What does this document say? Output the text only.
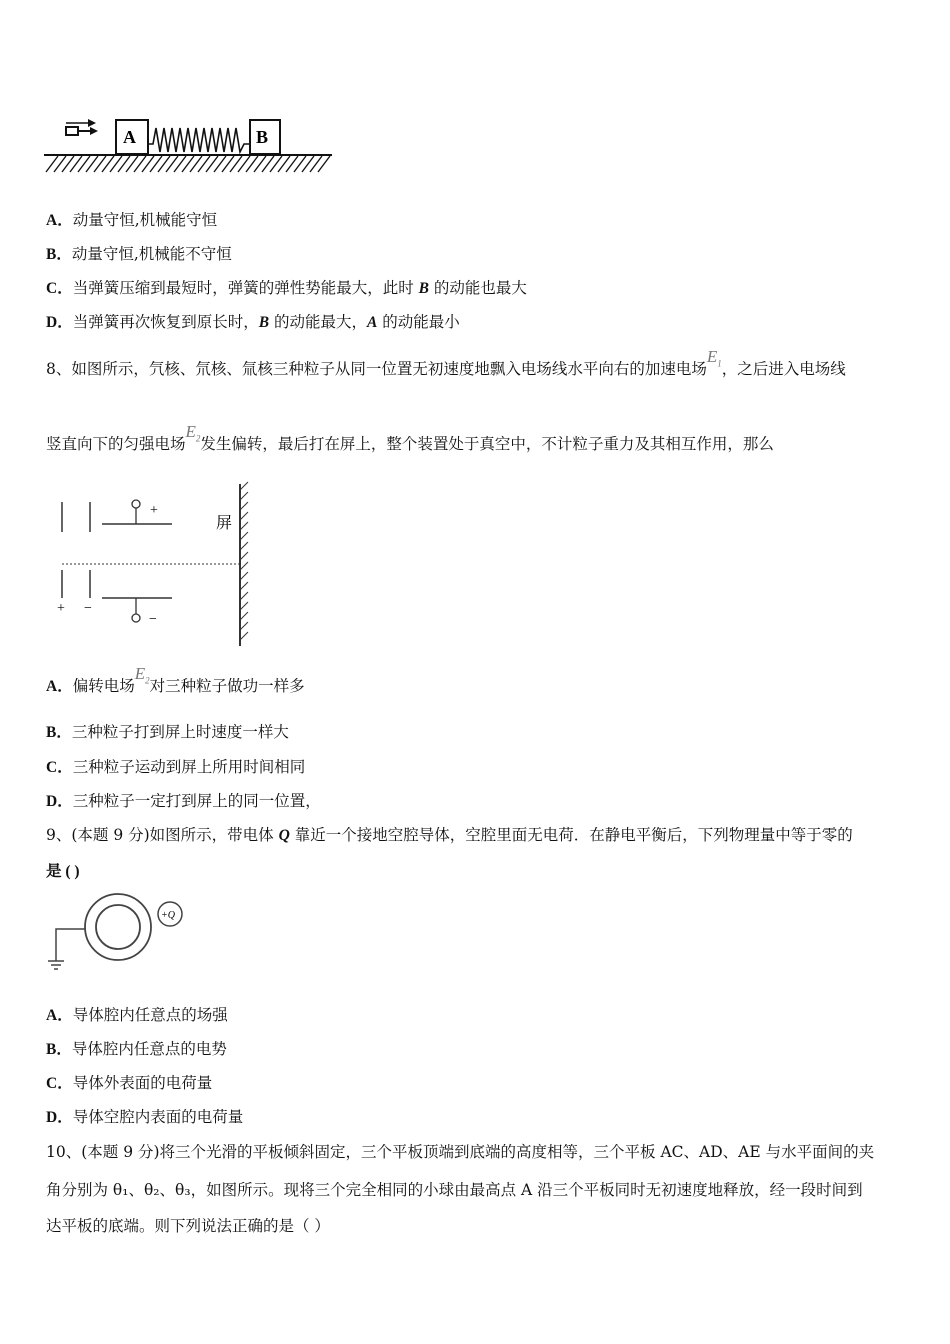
A	B
A．动量守恒,机械能守恒
B．动量守恒,机械能不守恒
C．当弹簧压缩到最短时，弹簧的弹性势能最大，此时 B 的动能也最大
D．当弹簧再次恢复到原长时，B 的动能最大，A 的动能最小
8、如图所示，氕核、氘核、氚核三种粒子从同一位置无初速度地飘入电场线水平向右的加速电场$E_1$，之后进入电场线
竖直向下的匀强电场$E_2$发生偏转，最后打在屏上，整个装置处于真空中，不计粒子重力及其相互作用，那么
+ −
+
−
屏
A．偏转电场$E_2$对三种粒子做功一样多
B．三种粒子打到屏上时速度一样大
C．三种粒子运动到屏上所用时间相同
D．三种粒子一定打到屏上的同一位置，
9、(本题 9 分)如图所示，带电体 Q 靠近一个接地空腔导体，空腔里面无电荷．在静电平衡后，下列物理量中等于零的
是 ( )
+Q
A．导体腔内任意点的场强
B．导体腔内任意点的电势
C．导体外表面的电荷量
D．导体空腔内表面的电荷量
10、(本题 9 分)将三个光滑的平板倾斜固定，三个平板顶端到底端的高度相等，三个平板 AC、AD、AE 与水平面间的夹
角分别为 θ₁、θ₂、θ₃，如图所示。现将三个完全相同的小球由最高点 A 沿三个平板同时无初速度地释放，经一段时间到
达平板的底端。则下列说法正确的是（ ）
